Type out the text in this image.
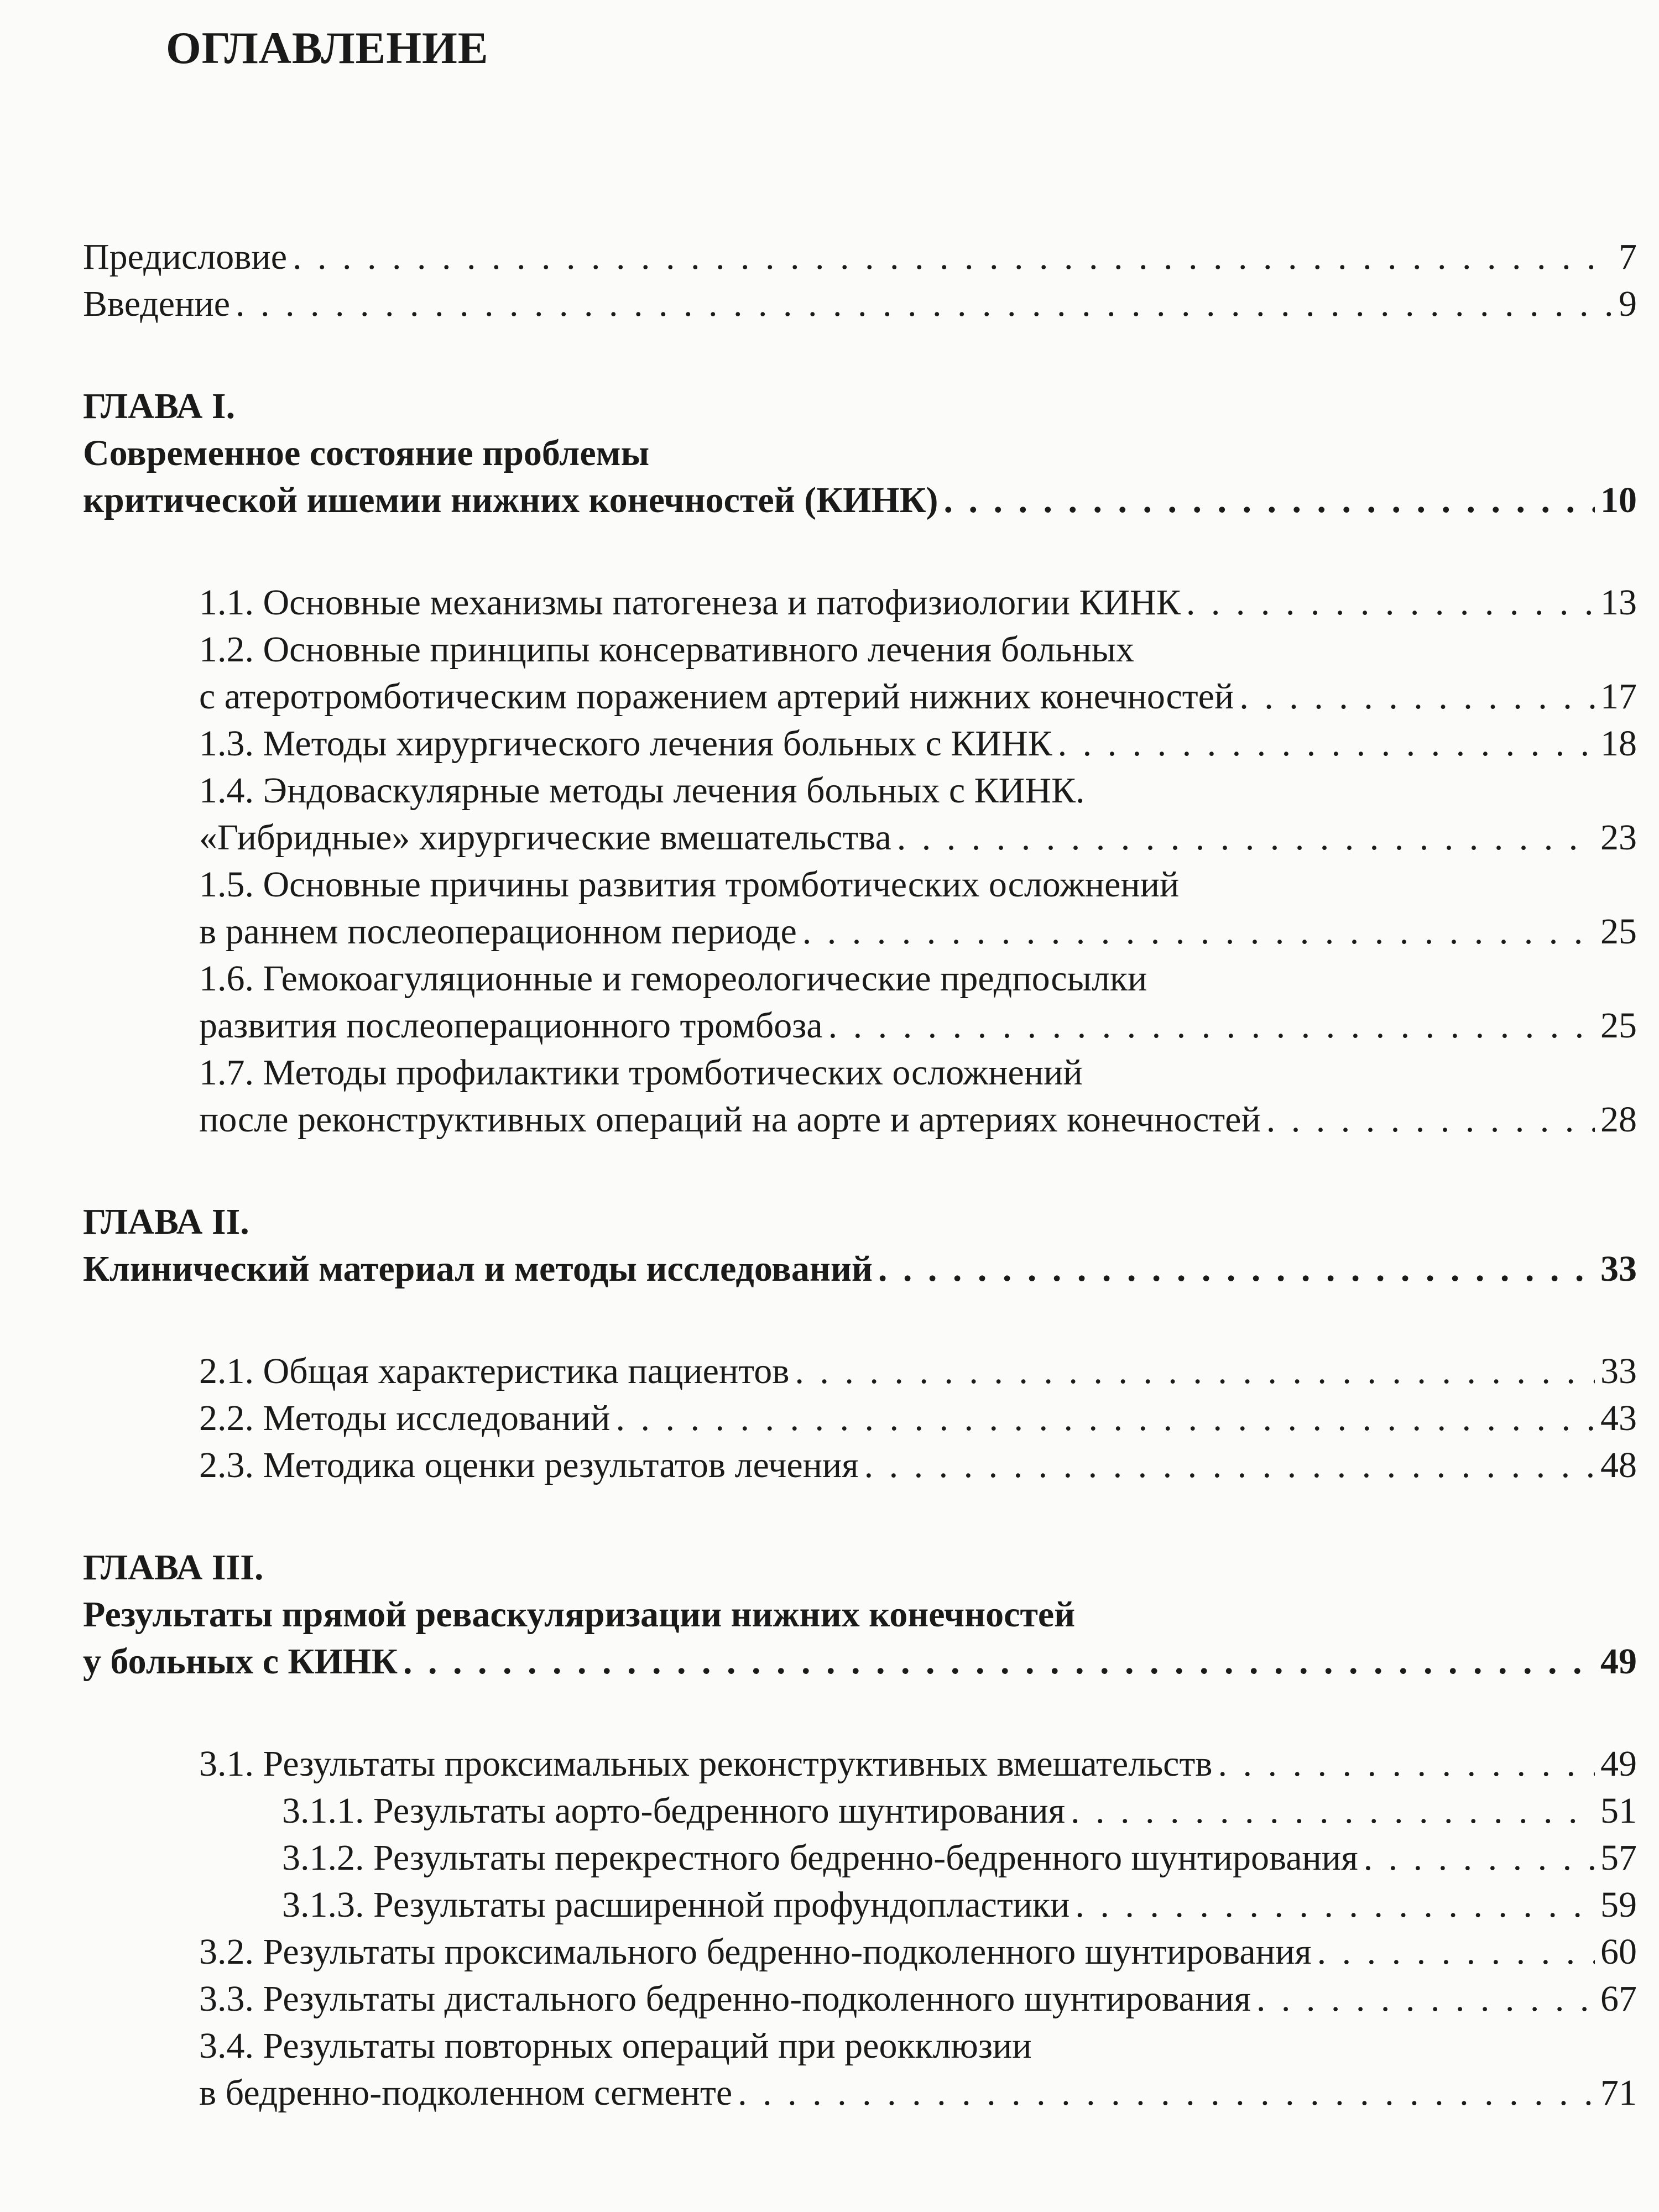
ОГЛАВЛЕНИЕ
Предисловие . . .	7
Введение . . .	9
ГЛАВА I.
Современное состояние проблемы
критической ишемии нижних конечностей (КИНК) . . .	10
1.1. Основные механизмы патогенеза и патофизиологии КИНК . . .	13
1.2. Основные принципы консервативного лечения больных
с атеротромботическим поражением артерий нижних конечностей . . .	17
1.3. Методы хирургического лечения больных с КИНК . . .	18
1.4. Эндоваскулярные методы лечения больных с КИНК.
«Гибридные» хирургические вмешательства . . .	23
1.5. Основные причины развития тромботических осложнений
в раннем послеоперационном периоде . . .	25
1.6. Гемокоагуляционные и гемореологические предпосылки
развития послеоперационного тромбоза . . .	25
1.7. Методы профилактики тромботических осложнений
после реконструктивных операций на аорте и артериях конечностей . . .	28
ГЛАВА II.
Клинический материал и методы исследований . . .	33
2.1. Общая характеристика пациентов . . .	33
2.2. Методы исследований . . .	43
2.3. Методика оценки результатов лечения . . .	48
ГЛАВА III.
Результаты прямой реваскуляризации нижних конечностей
у больных с КИНК . . .	49
3.1. Результаты проксимальных реконструктивных вмешательств . . .	49
3.1.1. Результаты аорто-бедренного шунтирования . . .	51
3.1.2. Результаты перекрестного бедренно-бедренного шунтирования . . .	57
3.1.3. Результаты расширенной профундопластики . . .	59
3.2. Результаты проксимального бедренно-подколенного шунтирования . . .	60
3.3. Результаты дистального бедренно-подколенного шунтирования . . .	67
3.4. Результаты повторных операций при реокклюзии
в бедренно-подколенном сегменте . . .	71
